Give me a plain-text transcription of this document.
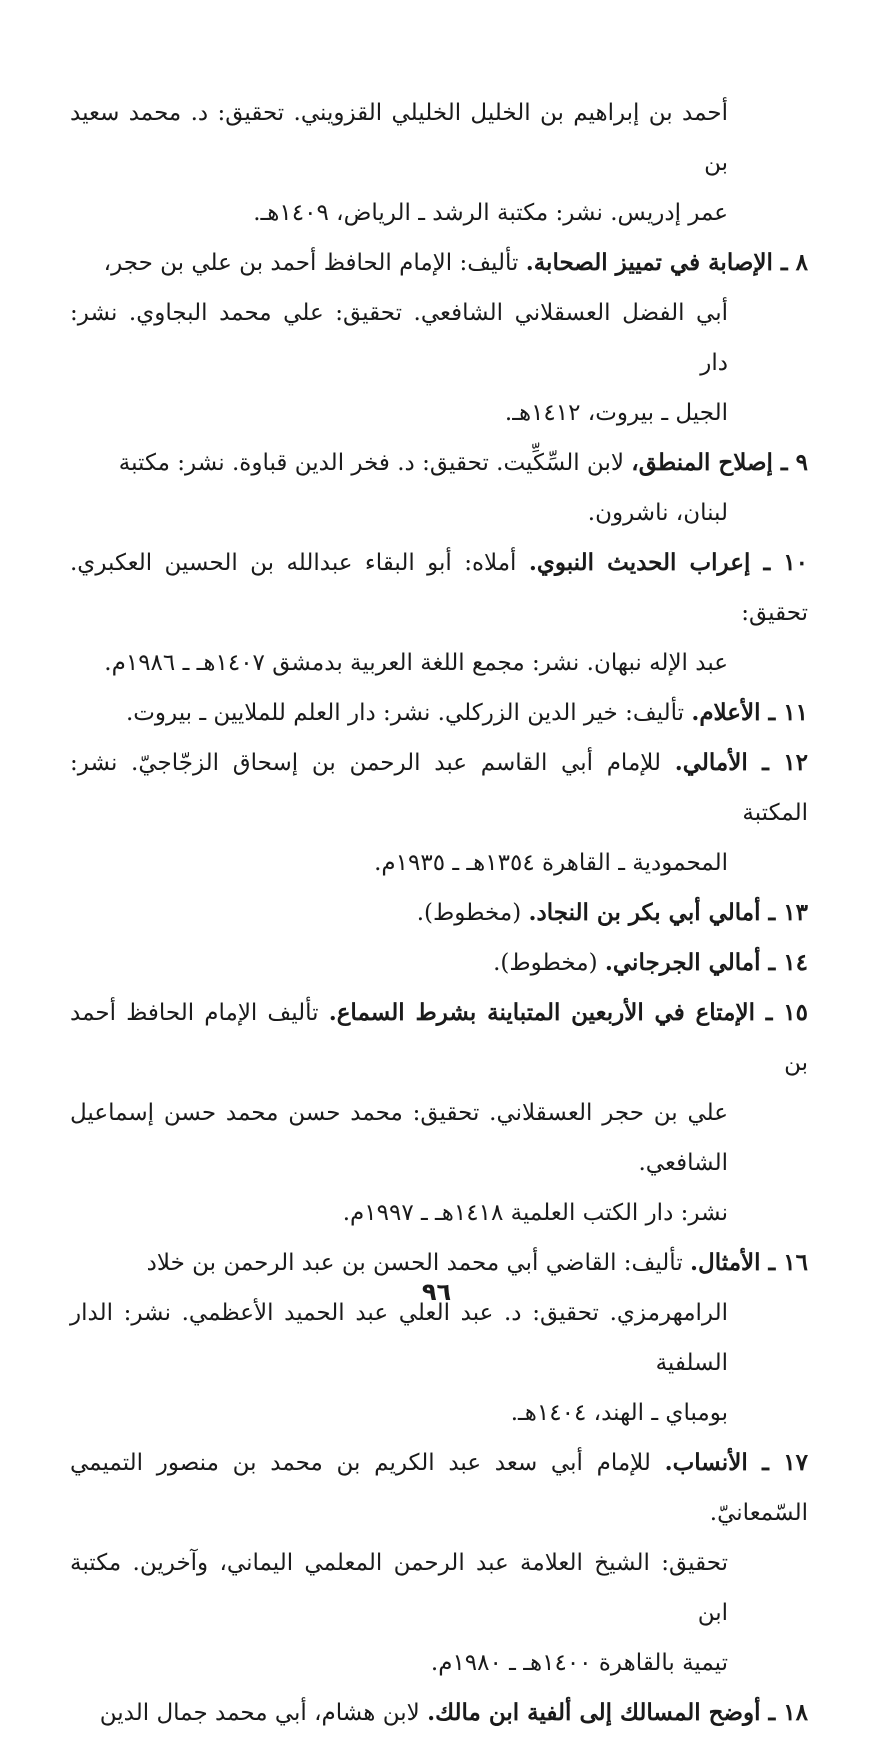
أحمد بن إبراهيم بن الخليل الخليلي القزويني. تحقيق: د. محمد سعيد بن
عمر إدريس. نشر: مكتبة الرشد ـ الرياض، ١٤٠٩هـ.
٨ ـ الإصابة في تمييز الصحابة. تأليف: الإمام الحافظ أحمد بن علي بن حجر،
أبي الفضل العسقلاني الشافعي. تحقيق: علي محمد البجاوي. نشر: دار
الجيل ـ بيروت، ١٤١٢هـ.
٩ ـ إصلاح المنطق، لابن السِّكِّيت. تحقيق: د. فخر الدين قباوة. نشر: مكتبة
لبنان، ناشرون.
١٠ ـ إعراب الحديث النبوي. أملاه: أبو البقاء عبدالله بن الحسين العكبري. تحقيق:
عبد الإله نبهان. نشر: مجمع اللغة العربية بدمشق ١٤٠٧هـ ـ ١٩٨٦م.
١١ ـ الأعلام. تأليف: خير الدين الزركلي. نشر: دار العلم للملايين ـ بيروت.
١٢ ـ الأمالي. للإمام أبي القاسم عبد الرحمن بن إسحاق الزجّاجيّ. نشر: المكتبة
المحمودية ـ القاهرة ١٣٥٤هـ ـ ١٩٣٥م.
١٣ ـ أمالي أبي بكر بن النجاد. (مخطوط).
١٤ ـ أمالي الجرجاني. (مخطوط).
١٥ ـ الإمتاع في الأربعين المتباينة بشرط السماع. تأليف الإمام الحافظ أحمد بن
علي بن حجر العسقلاني. تحقيق: محمد حسن محمد حسن إسماعيل الشافعي.
نشر: دار الكتب العلمية ١٤١٨هـ ـ ١٩٩٧م.
١٦ ـ الأمثال. تأليف: القاضي أبي محمد الحسن بن عبد الرحمن بن خلاد
الرامهرمزي. تحقيق: د. عبد العلي عبد الحميد الأعظمي. نشر: الدار السلفية
بومباي ـ الهند، ١٤٠٤هـ.
١٧ ـ الأنساب. للإمام أبي سعد عبد الكريم بن محمد بن منصور التميمي السّمعانيّ.
تحقيق: الشيخ العلامة عبد الرحمن المعلمي اليماني، وآخرين. مكتبة ابن
تيمية بالقاهرة ١٤٠٠هـ ـ ١٩٨٠م.
١٨ ـ أوضح المسالك إلى ألفية ابن مالك. لابن هشام، أبي محمد جمال الدين
٩٦
